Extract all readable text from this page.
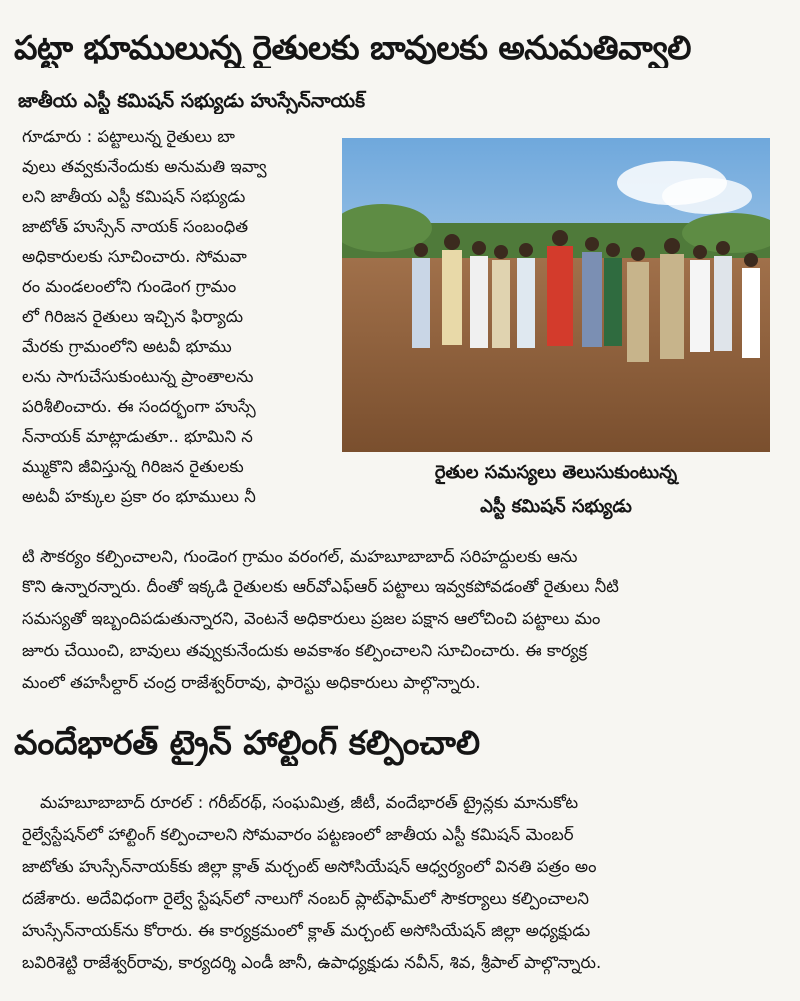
పట్టా భూములున్న రైతులకు బావులకు అనుమతివ్వాలి
జాతీయ ఎస్టీ కమిషన్‌ సభ్యుడు హుస్సేన్‌నాయక్‌
గూడూరు : పట్టాలున్న రైతులు బా
వులు తవ్వకునేందుకు అనుమతి ఇవ్వా
లని జాతీయ ఎస్టీ కమిషన్‌ సభ్యుడు
జాటోత్‌ హుస్సేన్‌ నాయక్‌ సంబంధిత
అధికారులకు సూచించారు. సోమవా
రం మండలంలోని గుండెంగ గ్రామం
లో గిరిజన రైతులు ఇచ్చిన ఫిర్యాదు
మేరకు గ్రామంలోని అటవీ భూము
లను సాగుచేసుకుంటున్న ప్రాంతాలను
పరిశీలించారు. ఈ సందర్భంగా హుస్సే
న్‌నాయక్‌ మాట్లాడుతూ.. భూమిని న
మ్ముకొని జీవిస్తున్న గిరిజన రైతులకు
అటవీ హక్కుల ప్రకా రం భూములు నీ
రైతుల సమస్యలు తెలుసుకుంటున్న
ఎస్టీ కమిషన్‌ సభ్యుడు
టి సౌకర్యం కల్పించాలని, గుండెంగ గ్రామం వరంగల్‌, మహబూబాబాద్‌ సరిహద్దులకు ఆను
కొని ఉన్నారన్నారు. దీంతో ఇక్కడి రైతులకు ఆర్‌వోఎఫ్‌ఆర్‌ పట్టాలు ఇవ్వకపోవడంతో రైతులు నీటి
సమస్యతో ఇబ్బందిపడుతున్నారని, వెంటనే అధికారులు ప్రజల పక్షాన ఆలోచించి పట్టాలు మం
జూరు చేయించి, బావులు తవ్వుకునేందుకు అవకాశం కల్పించాలని సూచించారు. ఈ కార్యక్ర
మంలో తహసీల్దార్‌ చంద్ర రాజేశ్వర్‌రావు, ఫారెస్టు అధికారులు పాల్గొన్నారు.
వందేభారత్‌ ట్రైన్‌ హాల్టింగ్‌ కల్పించాలి
మహబూబాబాద్‌ రూరల్‌ : గరీబ్‌రథ్‌, సంఘమిత్ర, జీటీ, వందేభారత్‌ ట్రైన్లకు మానుకోట
రైల్వేస్టేషన్‌లో హాల్టింగ్‌ కల్పించాలని సోమవారం పట్టణంలో జాతీయ ఎస్టీ కమిషన్‌ మెంబర్‌
జాటోతు హుస్సేన్‌నాయక్‌కు జిల్లా క్లాత్‌ మర్చంట్‌ అసోసియేషన్‌ ఆధ్వర్యంలో వినతి పత్రం అం
దజేశారు. అదేవిధంగా రైల్వే స్టేషన్‌లో నాలుగో నంబర్‌ ప్లాట్‌ఫామ్‌లో సౌకర్యాలు కల్పించాలని
హుస్సేన్‌నాయక్‌ను కోరారు. ఈ కార్యక్రమంలో క్లాత్‌ మర్చంట్‌ అసోసియేషన్‌ జిల్లా అధ్యక్షుడు
బవిరిశెట్టి రాజేశ్వర్‌రావు, కార్యదర్శి ఎండీ జానీ, ఉపాధ్యక్షుడు నవీన్‌, శివ, శ్రీపాల్‌ పాల్గొన్నారు.
